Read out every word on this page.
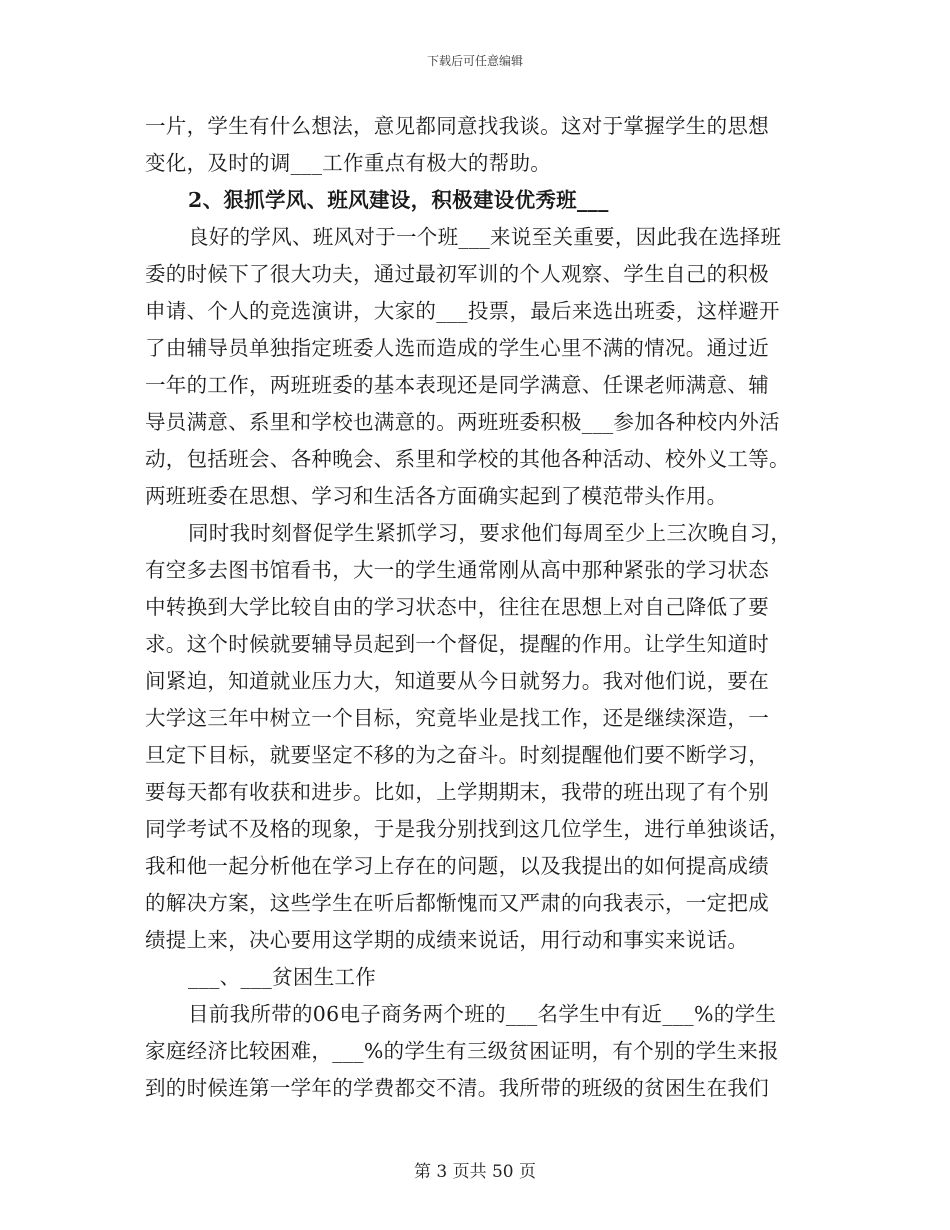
下载后可任意编辑
一片，学生有什么想法，意见都同意找我谈。这对于掌握学生的思想
变化，及时的调___工作重点有极大的帮助。
2、狠抓学风、班风建设，积极建设优秀班___
良好的学风、班风对于一个班___来说至关重要，因此我在选择班
委的时候下了很大功夫，通过最初军训的个人观察、学生自己的积极
申请、个人的竞选演讲，大家的___投票，最后来选出班委，这样避开
了由辅导员单独指定班委人选而造成的学生心里不满的情况。通过近
一年的工作，两班班委的基本表现还是同学满意、任课老师满意、辅
导员满意、系里和学校也满意的。两班班委积极___参加各种校内外活
动，包括班会、各种晚会、系里和学校的其他各种活动、校外义工等。
两班班委在思想、学习和生活各方面确实起到了模范带头作用。
同时我时刻督促学生紧抓学习，要求他们每周至少上三次晚自习，
有空多去图书馆看书，大一的学生通常刚从高中那种紧张的学习状态
中转换到大学比较自由的学习状态中，往往在思想上对自己降低了要
求。这个时候就要辅导员起到一个督促，提醒的作用。让学生知道时
间紧迫，知道就业压力大，知道要从今日就努力。我对他们说，要在
大学这三年中树立一个目标，究竟毕业是找工作，还是继续深造，一
旦定下目标，就要坚定不移的为之奋斗。时刻提醒他们要不断学习，
要每天都有收获和进步。比如，上学期期末，我带的班出现了有个别
同学考试不及格的现象，于是我分别找到这几位学生，进行单独谈话，
我和他一起分析他在学习上存在的问题，以及我提出的如何提高成绩
的解决方案，这些学生在听后都惭愧而又严肃的向我表示，一定把成
绩提上来，决心要用这学期的成绩来说话，用行动和事实来说话。
___、___贫困生工作
目前我所带的06电子商务两个班的___名学生中有近___%的学生
家庭经济比较困难，___%的学生有三级贫困证明，有个别的学生来报
到的时候连第一学年的学费都交不清。我所带的班级的贫困生在我们
第 3 页共 50 页
